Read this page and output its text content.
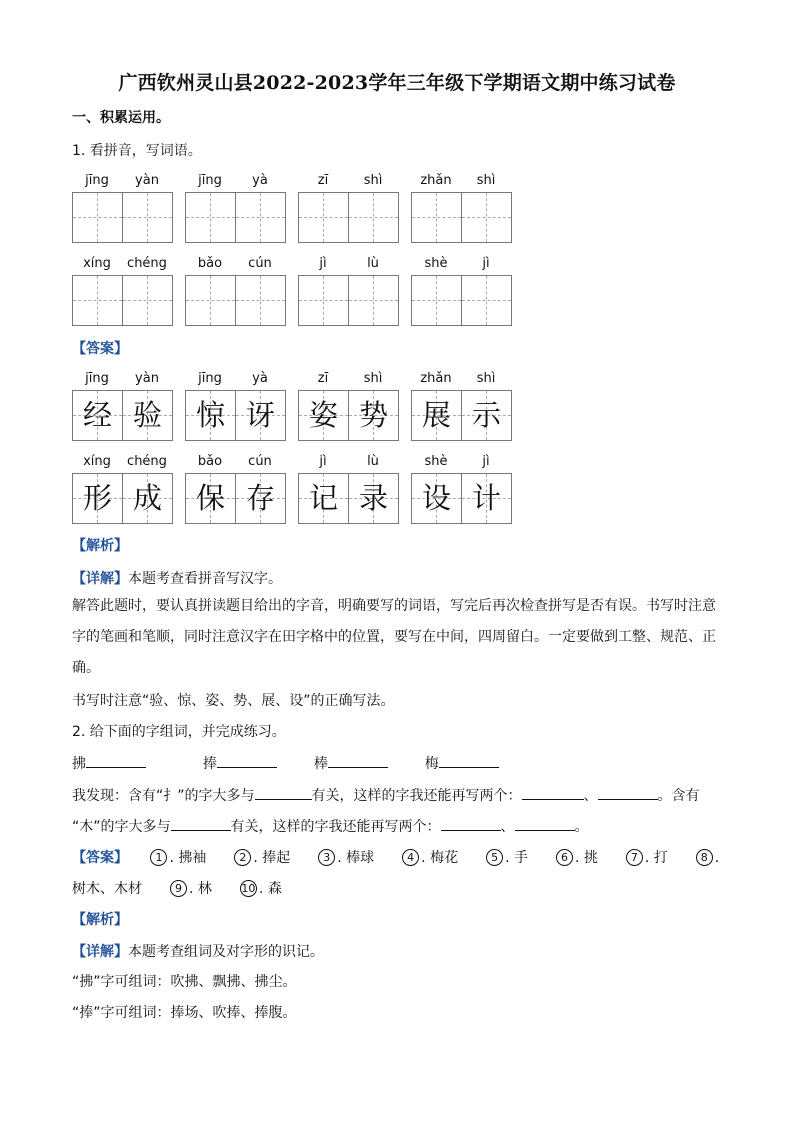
广西钦州灵山县2022-2023学年三年级下学期语文期中练习试卷
一、积累运用。
1. 看拼音，写词语。
jīng	yàn	jīng	yà	zī	shì	zhǎn	shì
xíng	chéng	bǎo	cún	jì	lù	shè	jì
【答案】
jīng	yàn
经 验
jīng	yà
惊 讶
zī	shì
姿 势
zhǎn	shì
展 示
xíng	chéng
形 成
bǎo	cún
保 存
jì	lù
记 录
shè	jì
设 计
【解析】
【详解】本题考查看拼音写汉字。
解答此题时，要认真拼读题目给出的字音，明确要写的词语，写完后再次检查拼写是否有误。书写时注意字的笔画和笔顺，同时注意汉字在田字格中的位置，要写在中间，四周留白。一定要做到工整、规范、正确。
书写时注意“验、惊、姿、势、展、设”的正确写法。
2. 给下面的字组词，并完成练习。
拂	捧	棒	梅
我发现：含有“扌”的字大多与	有关，这样的字我还能再写两个：	、	。含有
“木”的字大多与	有关，这样的字我还能再写两个：	、	。
【答案】 1 . 拂袖	2 . 捧起	3 . 棒球	4 . 梅花	5 . 手	6 . 挑	7 . 打	8 .
树木、木材	9 . 林	10 . 森
【解析】
【详解】本题考查组词及对字形的识记。
“拂”字可组词：吹拂、飘拂、拂尘。
“捧”字可组词：捧场、吹捧、捧腹。
